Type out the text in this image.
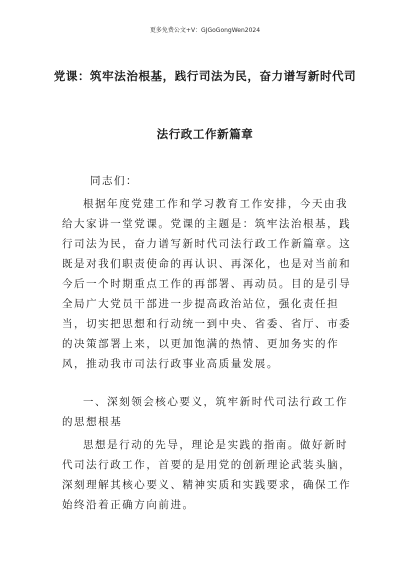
更多免费公文+V：GJGoGongWen2024
党课：筑牢法治根基，践行司法为民，奋力谱写新时代司
法行政工作新篇章
同志们：

根据年度党建工作和学习教育工作安排，今天由我给大家讲一堂党课。党课的主题是：筑牢法治根基，践行司法为民，奋力谱写新时代司法行政工作新篇章。这既是对我们职责使命的再认识、再深化，也是对当前和今后一个时期重点工作的再部署、再动员。目的是引导全局广大党员干部进一步提高政治站位，强化责任担当，切实把思想和行动统一到中央、省委、省厅、市委的决策部署上来，以更加饱满的热情、更加务实的作风，推动我市司法行政事业高质量发展。

一、深刻领会核心要义，筑牢新时代司法行政工作的思想根基

思想是行动的先导，理论是实践的指南。做好新时代司法行政工作，首要的是用党的创新理论武装头脑，深刻理解其核心要义、精神实质和实践要求，确保工作始终沿着正确方向前进。
